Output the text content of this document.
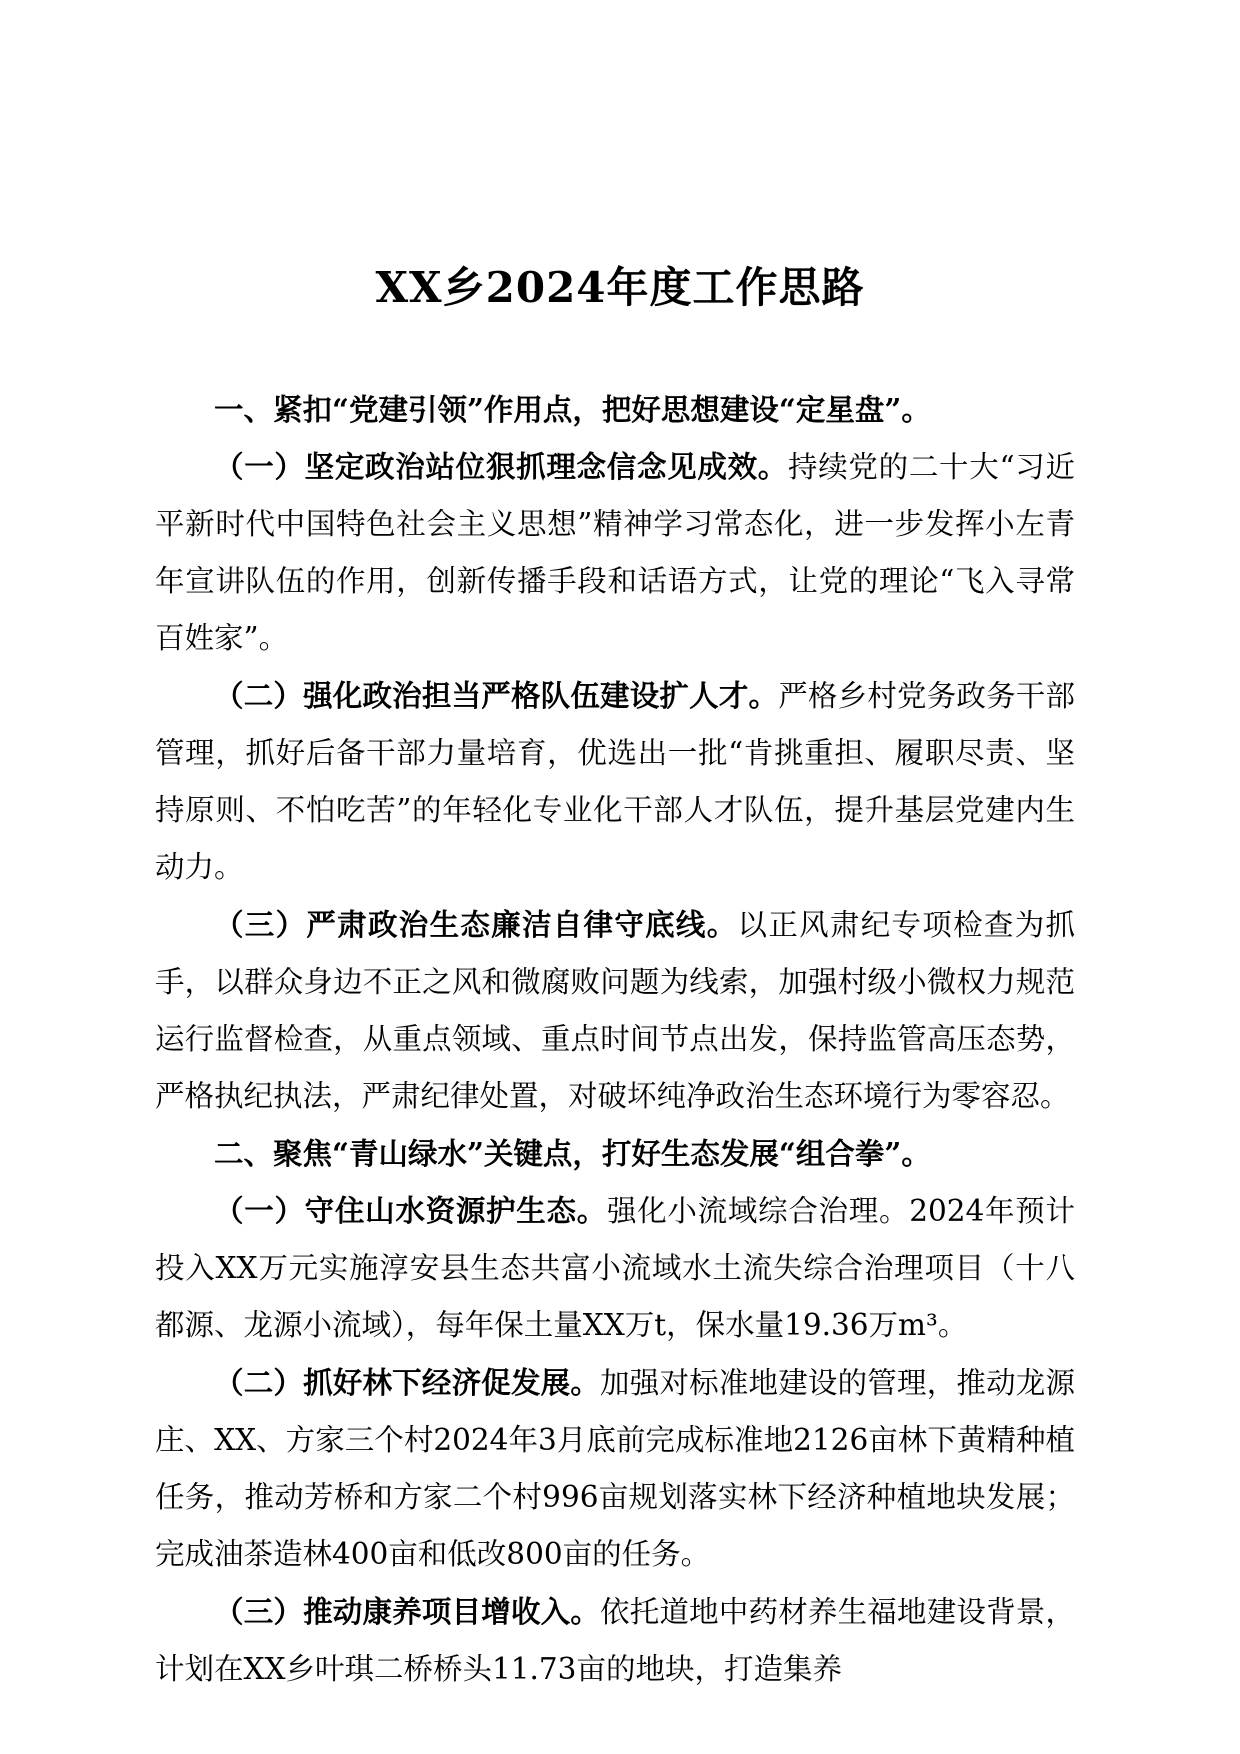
XX乡2024年度工作思路

一、紧扣“党建引领”作用点，把好思想建设“定星盘”。

（一）坚定政治站位狠抓理念信念见成效。持续党的二十大“习近平新时代中国特色社会主义思想”精神学习常态化，进一步发挥小左青年宣讲队伍的作用，创新传播手段和话语方式，让党的理论“飞入寻常百姓家”。

（二）强化政治担当严格队伍建设扩人才。严格乡村党务政务干部管理，抓好后备干部力量培育，优选出一批“肯挑重担、履职尽责、坚持原则、不怕吃苦”的年轻化专业化干部人才队伍，提升基层党建内生动力。

（三）严肃政治生态廉洁自律守底线。以正风肃纪专项检查为抓手，以群众身边不正之风和微腐败问题为线索，加强村级小微权力规范运行监督检查，从重点领域、重点时间节点出发，保持监管高压态势，严格执纪执法，严肃纪律处置，对破坏纯净政治生态环境行为零容忍。

二、聚焦“青山绿水”关键点，打好生态发展“组合拳”。

（一）守住山水资源护生态。强化小流域综合治理。2024年预计投入XX万元实施淳安县生态共富小流域水土流失综合治理项目（十八都源、龙源小流域），每年保土量XX万t，保水量19.36万m³。

（二）抓好林下经济促发展。加强对标准地建设的管理，推动龙源庄、XX、方家三个村2024年3月底前完成标准地2126亩林下黄精种植任务，推动芳桥和方家二个村996亩规划落实林下经济种植地块发展；完成油茶造林400亩和低改800亩的任务。

（三）推动康养项目增收入。依托道地中药材养生福地建设背景，计划在XX乡叶琪二桥桥头11.73亩的地块，打造集养
